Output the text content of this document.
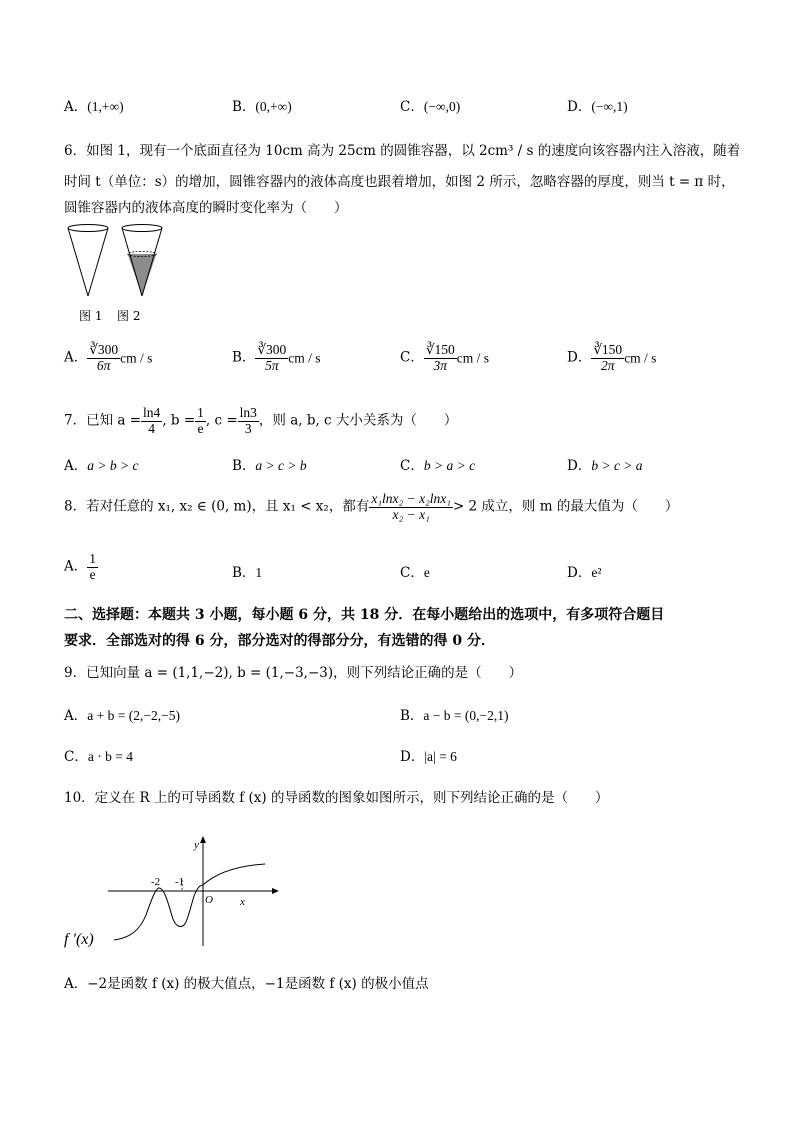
A．(1,+∞)	B．(0,+∞)	C．(−∞,0)	D．(−∞,1)
6．如图 1，现有一个底面直径为 10cm 高为 25cm 的圆锥容器，以 2cm³ / s 的速度向该容器内注入溶液，随着
时间 t（单位：s）的增加，圆锥容器内的液体高度也跟着增加，如图 2 所示，忽略容器的厚度，则当 t = π 时，
圆锥容器内的液体高度的瞬时变化率为（　　）
图 1 图 2
A． $\frac{∛300}{6\pi}$ cm / s	B． $\frac{∛300}{5\pi}$ cm / s	C． $\frac{∛150}{3\pi}$ cm / s	D． $\frac{∛150}{2\pi}$ cm / s
7．已知 $a = \frac{\ln 4}{4}$ , $b = \frac{1}{e}$ , $c = \frac{\ln 3}{3}$ ，则 a, b, c 大小关系为（　　）
A．a > b > c	B．a > c > b	C．b > a > c	D．b > c > a
8．若对任意的 x₁, x₂ ∈ (0, m)，且 x₁ < x₂，都有 $\frac{\text{x₁lnx₂ − x₂lnx₁}}{\text{x₂ − x₁}} > 2$ 成立，则 m 的最大值为（　　）
A． $\frac{1}{e}$	B．1	C．e	D．e²
二、选择题：本题共 3 小题，每小题 6 分，共 18 分．在每小题给出的选项中，有多项符合题目
要求．全部选对的得 6 分，部分选对的得部分分，有选错的得 0 分．
9．已知向量 a = (1,1,−2), b = (1,−3,−3)，则下列结论正确的是（　　）
A．a + b = (2,−2,−5)	B．a − b = (0,−2,1)
C．a · b = 4	D．|a| = 6
10．定义在 R 上的可导函数 f (x) 的导函数的图象如图所示，则下列结论正确的是（　　）
x
y
O
-2 -1
f ′(x)
A．−2是函数 f (x) 的极大值点，−1是函数 f (x) 的极小值点
